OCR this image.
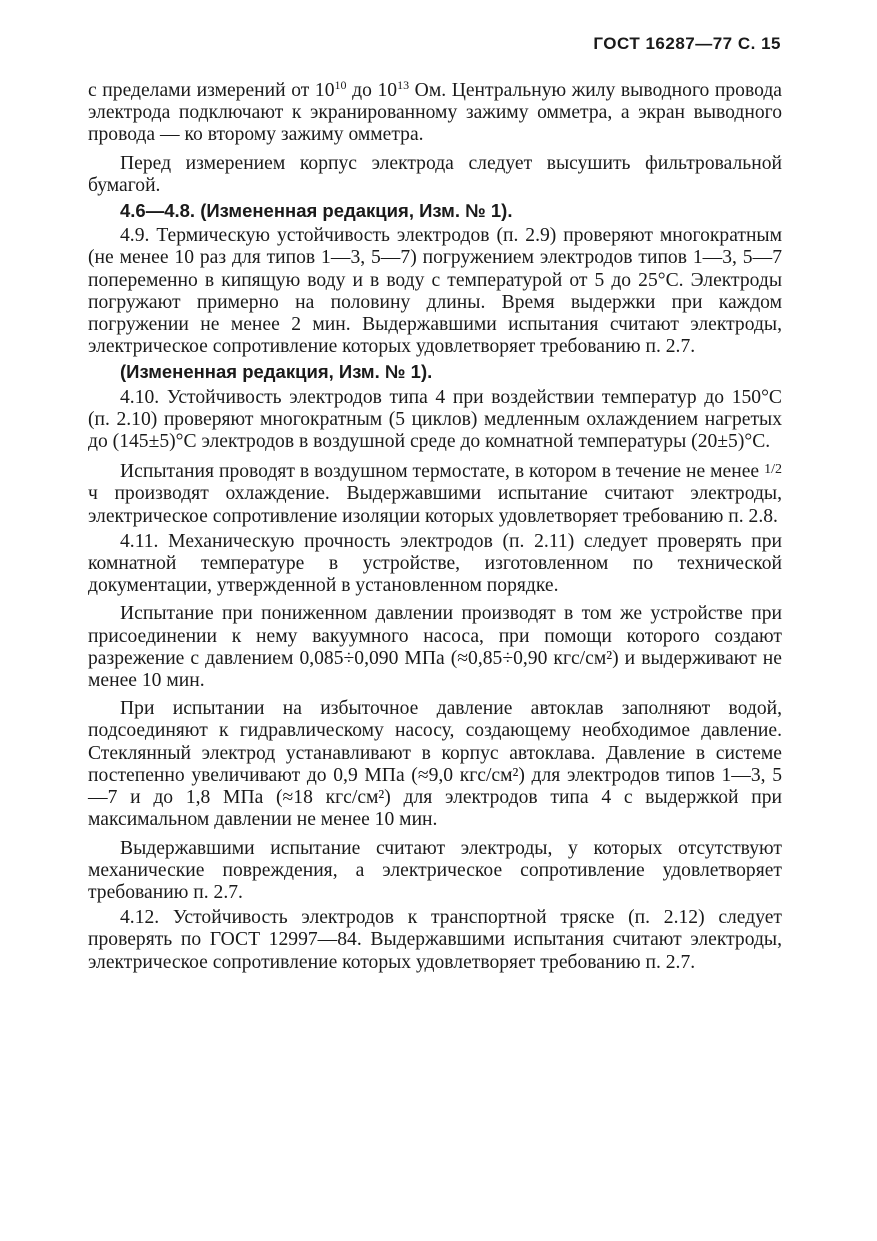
ГОСТ 16287—77 С. 15

с пределами измерений от $10^{10}$ до $10^{13}$ Ом. Центральную жилу выводного провода электрода подключают к экранированному зажиму омметра, а экран выводного провода — ко второму зажиму омметра.

Перед измерением корпус электрода следует высушить фильтровальной бумагой.

4.6—4.8. (Измененная редакция, Изм. № 1).

4.9. Термическую устойчивость электродов (п. 2.9) проверяют многократным (не менее 10 раз для типов 1—3, 5—7) погружением электродов типов 1—3, 5—7 попеременно в кипящую воду и в воду с температурой от 5 до 25°С. Электроды погружают примерно на половину длины. Время выдержки при каждом погружении не менее 2 мин. Выдержавшими испытания считают электроды, электрическое сопротивление которых удовлетворяет требованию п. 2.7.

(Измененная редакция, Изм. № 1).

4.10. Устойчивость электродов типа 4 при воздействии температур до 150°С (п. 2.10) проверяют многократным (5 циклов) медленным охлаждением нагретых до (145±5)°С электродов в воздушной среде до комнатной температуры (20±5)°С.

Испытания проводят в воздушном термостате, в котором в течение не менее $^{1/2}$ ч производят охлаждение. Выдержавшими испытание считают электроды, электрическое сопротивление изоляции которых удовлетворяет требованию п. 2.8.

4.11. Механическую прочность электродов (п. 2.11) следует проверять при комнатной температуре в устройстве, изготовленном по технической документации, утвержденной в установленном порядке.

Испытание при пониженном давлении производят в том же устройстве при присоединении к нему вакуумного насоса, при помощи которого создают разрежение с давлением 0,085÷0,090 МПа (≈0,85÷0,90 кгс/см²) и выдерживают не менее 10 мин.

При испытании на избыточное давление автоклав заполняют водой, подсоединяют к гидравлическому насосу, создающему необходимое давление. Стеклянный электрод устанавливают в корпус автоклава. Давление в системе постепенно увеличивают до 0,9 МПа (≈9,0 кгс/см²) для электродов типов 1—3, 5—7 и до 1,8 МПа (≈18 кгс/см²) для электродов типа 4 с выдержкой при максимальном давлении не менее 10 мин.

Выдержавшими испытание считают электроды, у которых отсутствуют механические повреждения, а электрическое сопротивление удовлетворяет требованию п. 2.7.

4.12. Устойчивость электродов к транспортной тряске (п. 2.12) следует проверять по ГОСТ 12997—84. Выдержавшими испытания считают электроды, электрическое сопротивление которых удовлетворяет требованию п. 2.7.
